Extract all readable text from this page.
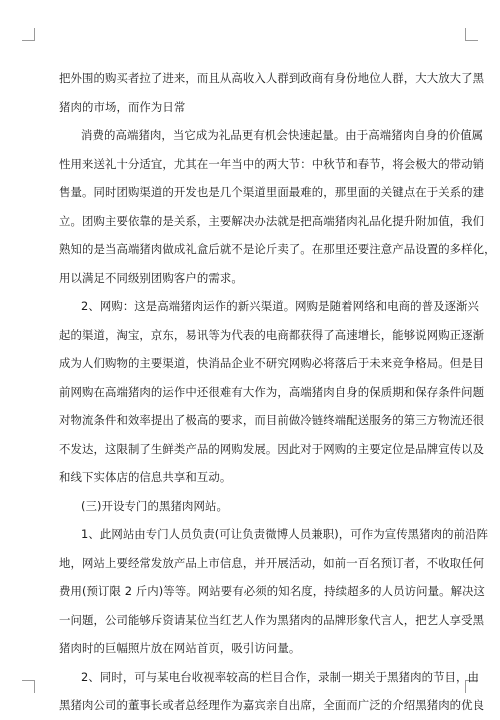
把外围的购买者拉了进来，而且从高收入人群到政商有身份地位人群，大大放大了黑
猪肉的市场，而作为日常
消费的高端猪肉，当它成为礼品更有机会快速起量。由于高端猪肉自身的价值属
性用来送礼十分适宜，尤其在一年当中的两大节：中秋节和春节，将会极大的带动销
售量。同时团购渠道的开发也是几个渠道里面最难的，那里面的关键点在于关系的建
立。团购主要依靠的是关系，主要解决办法就是把高端猪肉礼品化提升附加值，我们
熟知的是当高端猪肉做成礼盒后就不是论斤卖了。在那里还要注意产品设置的多样化，
用以满足不同级别团购客户的需求。
2、网购：这是高端猪肉运作的新兴渠道。网购是随着网络和电商的普及逐渐兴
起的渠道，淘宝，京东，易讯等为代表的电商都获得了高速增长，能够说网购正逐渐
成为人们购物的主要渠道，快消品企业不研究网购必将落后于未来竞争格局。但是目
前网购在高端猪肉的运作中还很难有大作为，高端猪肉自身的保质期和保存条件问题
对物流条件和效率提出了极高的要求，而目前做冷链终端配送服务的第三方物流还很
不发达，这限制了生鲜类产品的网购发展。因此对于网购的主要定位是品牌宣传以及
和线下实体店的信息共享和互动。
(三)开设专门的黑猪肉网站。
1、此网站由专门人员负责(可让负责微博人员兼职)，可作为宣传黑猪肉的前沿阵
地，网站上要经常发放产品上市信息，并开展活动，如前一百名预订者，不收取任何
费用(预订限 2 斤内)等等。网站要有必须的知名度，持续超多的人员访问量。解决这
一问题，公司能够斥资请某位当红艺人作为黑猪肉的品牌形象代言人，把艺人享受黑
猪肉时的巨幅照片放在网站首页，吸引访问量。
2、同时，可与某电台收视率较高的栏目合作，录制一期关于黑猪肉的节目，由
黑猪肉公司的董事长或者总经理作为嘉宾亲自出席，全面而广泛的介绍黑猪肉的优良
